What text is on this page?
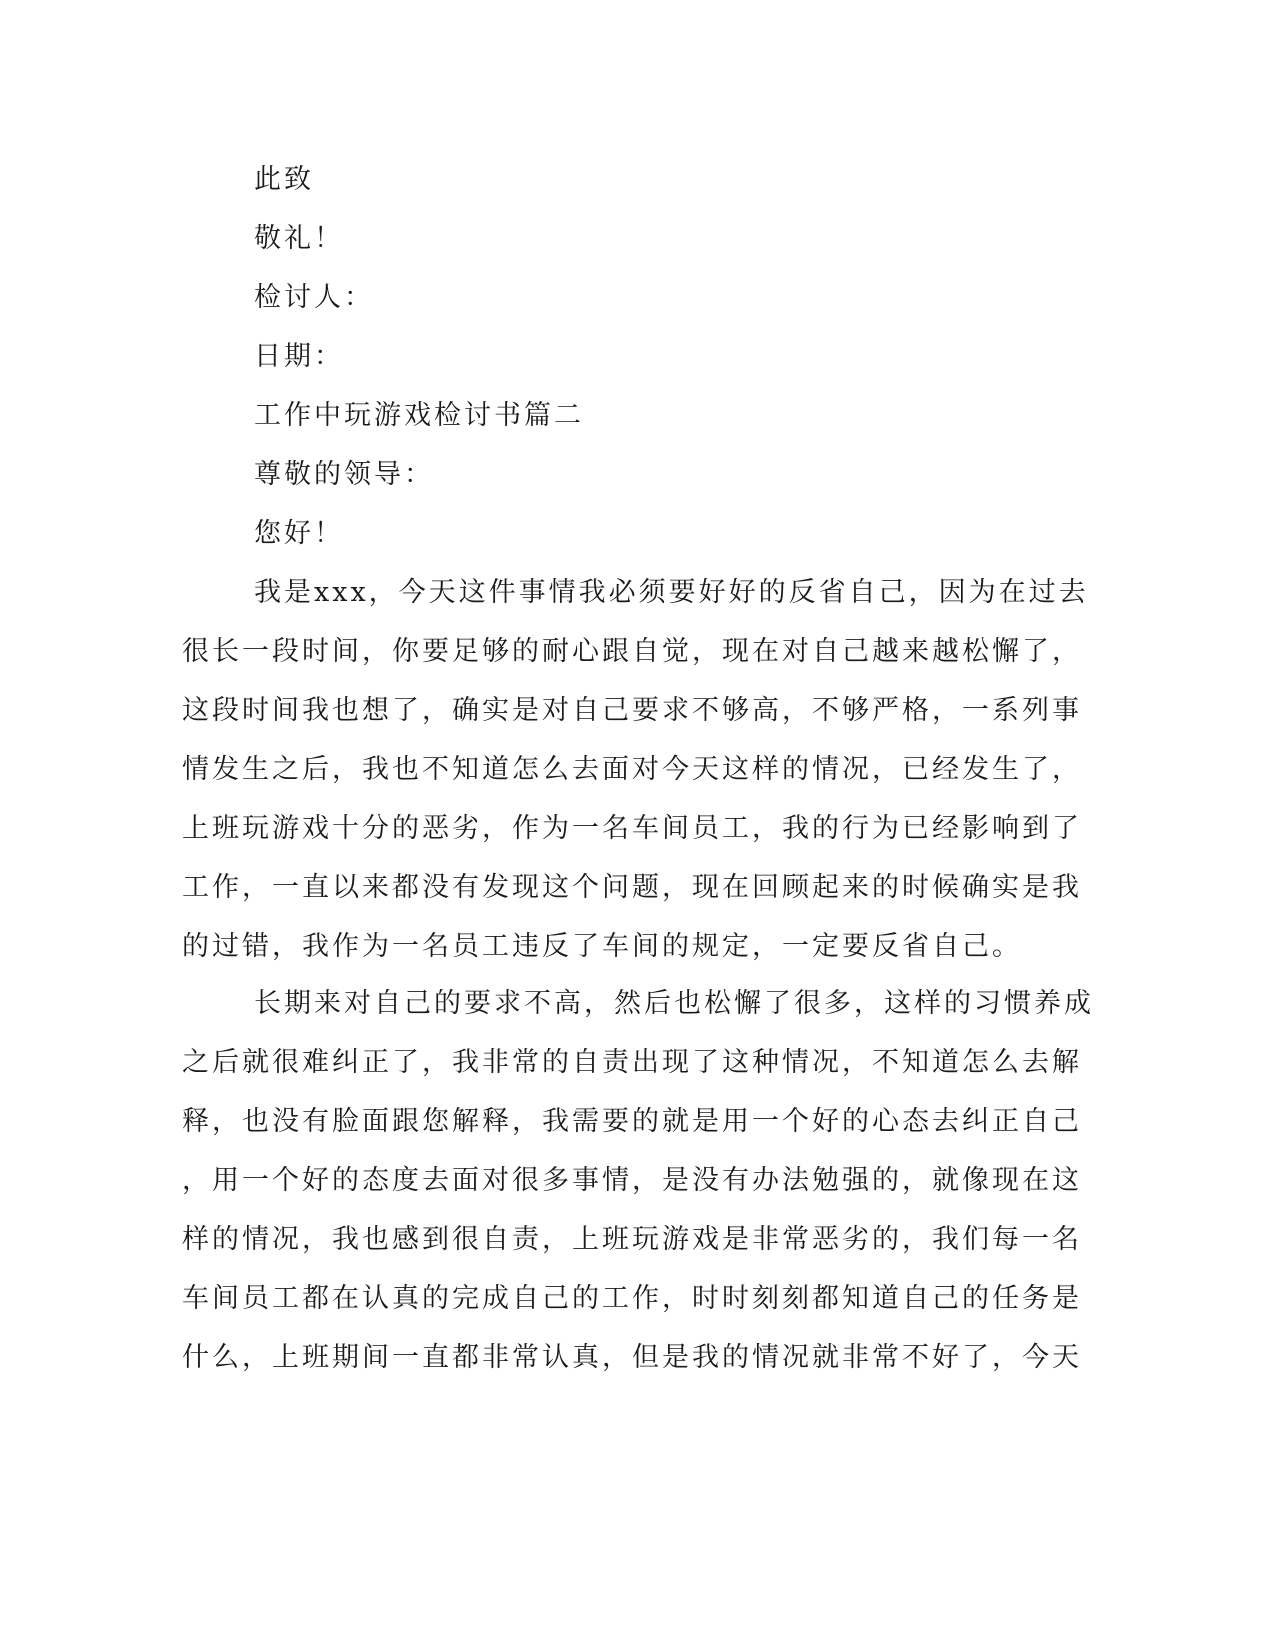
此致
敬礼！
检讨人：
日期：
工作中玩游戏检讨书篇二
尊敬的领导：
您好！
我是xxx，今天这件事情我必须要好好的反省自己，因为在过去
很长一段时间，你要足够的耐心跟自觉，现在对自己越来越松懈了，
这段时间我也想了，确实是对自己要求不够高，不够严格，一系列事
情发生之后，我也不知道怎么去面对今天这样的情况，已经发生了，
上班玩游戏十分的恶劣，作为一名车间员工，我的行为已经影响到了
工作，一直以来都没有发现这个问题，现在回顾起来的时候确实是我
的过错，我作为一名员工违反了车间的规定，一定要反省自己。
长期来对自己的要求不高，然后也松懈了很多，这样的习惯养成
之后就很难纠正了，我非常的自责出现了这种情况，不知道怎么去解
释，也没有脸面跟您解释，我需要的就是用一个好的心态去纠正自己
，用一个好的态度去面对很多事情，是没有办法勉强的，就像现在这
样的情况，我也感到很自责，上班玩游戏是非常恶劣的，我们每一名
车间员工都在认真的完成自己的工作，时时刻刻都知道自己的任务是
什么，上班期间一直都非常认真，但是我的情况就非常不好了，今天
